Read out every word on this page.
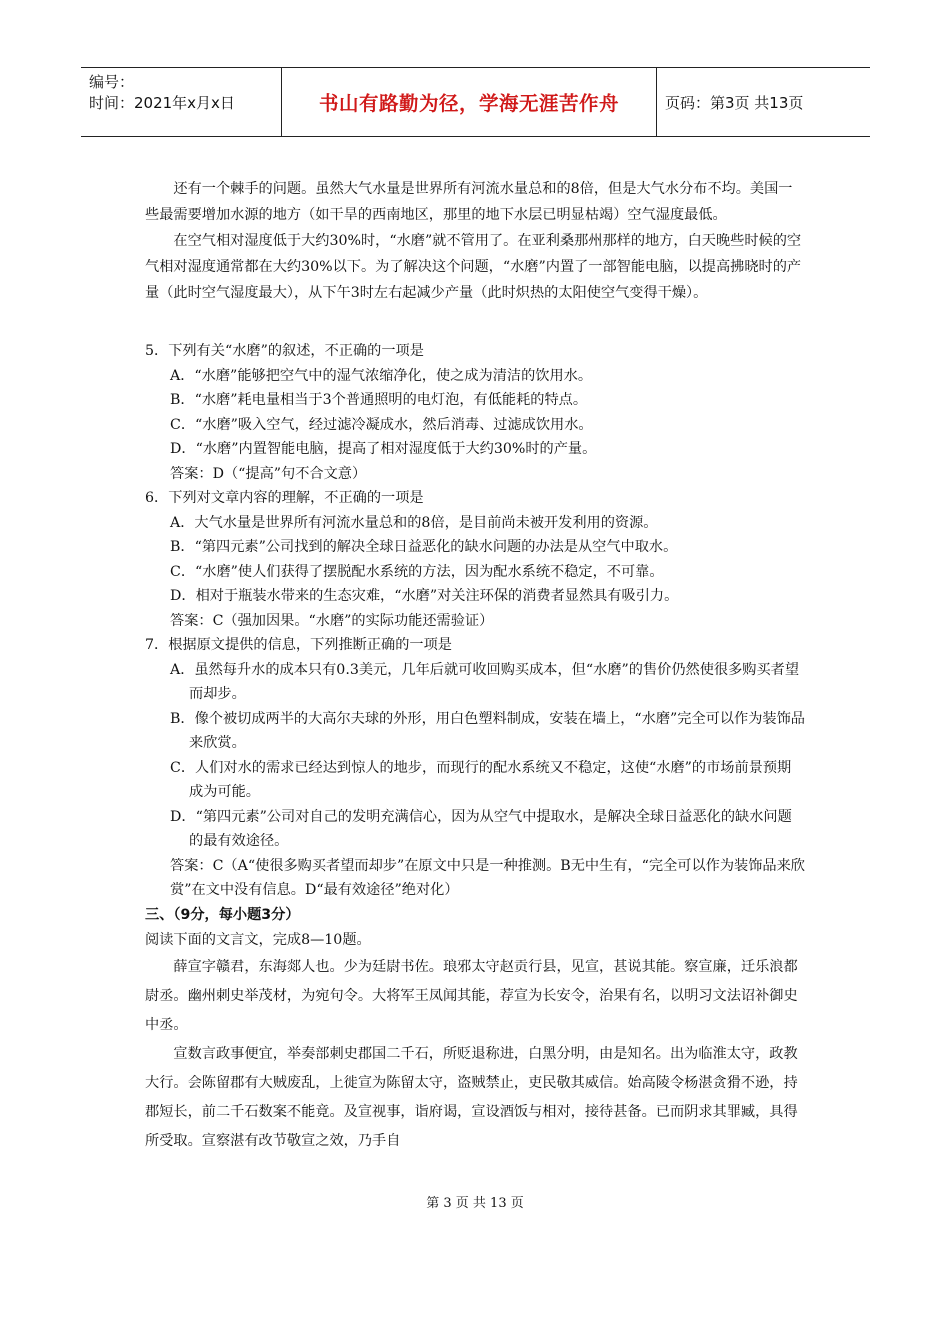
编号：
时间：2021年x月x日	书山有路勤为径，学海无涯苦作舟	页码：第3页 共13页

还有一个棘手的问题。虽然大气水量是世界所有河流水量总和的8倍，但是大气水分布不均。美国一些最需要增加水源的地方（如干旱的西南地区，那里的地下水层已明显枯竭）空气湿度最低。

在空气相对湿度低于大约30%时，“水磨”就不管用了。在亚利桑那州那样的地方，白天晚些时候的空气相对湿度通常都在大约30%以下。为了解决这个问题，“水磨”内置了一部智能电脑，以提高拂晓时的产量（此时空气湿度最大），从下午3时左右起减少产量（此时炽热的太阳使空气变得干燥）。

5．下列有关“水磨”的叙述，不正确的一项是
A．“水磨”能够把空气中的湿气浓缩净化，使之成为清洁的饮用水。
B．“水磨”耗电量相当于3个普通照明的电灯泡，有低能耗的特点。
C．“水磨”吸入空气，经过滤冷凝成水，然后消毒、过滤成饮用水。
D．“水磨”内置智能电脑，提高了相对湿度低于大约30%时的产量。
答案：D（“提高”句不合文意）
6．下列对文章内容的理解，不正确的一项是
A．大气水量是世界所有河流水量总和的8倍，是目前尚未被开发利用的资源。
B．“第四元素”公司找到的解决全球日益恶化的缺水问题的办法是从空气中取水。
C．“水磨”使人们获得了摆脱配水系统的方法，因为配水系统不稳定，不可靠。
D．相对于瓶装水带来的生态灾难，“水磨”对关注环保的消费者显然具有吸引力。
答案：C（强加因果。“水磨”的实际功能还需验证）
7．根据原文提供的信息，下列推断正确的一项是
A．虽然每升水的成本只有0.3美元，几年后就可收回购买成本，但“水磨”的售价仍然使很多购买者望而却步。
B．像个被切成两半的大高尔夫球的外形，用白色塑料制成，安装在墙上，“水磨”完全可以作为装饰品来欣赏。
C．人们对水的需求已经达到惊人的地步，而现行的配水系统又不稳定，这使“水磨”的市场前景预期成为可能。
D．“第四元素”公司对自己的发明充满信心，因为从空气中提取水，是解决全球日益恶化的缺水问题的最有效途径。
答案：C（A“使很多购买者望而却步”在原文中只是一种推测。B无中生有，“完全可以作为装饰品来欣赏”在文中没有信息。D“最有效途径”绝对化）

三、（9分，每小题3分）

阅读下面的文言文，完成8—10题。

薛宣字赣君，东海郯人也。少为廷尉书佐。琅邪太守赵贡行县，见宣，甚说其能。察宣廉，迁乐浪都尉丞。幽州刺史举茂材，为宛句令。大将军王凤闻其能，荐宣为长安令，治果有名，以明习文法诏补御史中丞。

宣数言政事便宜，举奏部刺史郡国二千石，所贬退称进，白黑分明，由是知名。出为临淮太守，政教大行。会陈留郡有大贼废乱，上徙宣为陈留太守，盗贼禁止，吏民敬其威信。始高陵令杨湛贪猾不逊，持郡短长，前二千石数案不能竟。及宣视事，诣府谒，宣设酒饭与相对，接待甚备。已而阴求其罪臧，具得所受取。宣察湛有改节敬宣之效，乃手自

第 3 页 共 13 页
